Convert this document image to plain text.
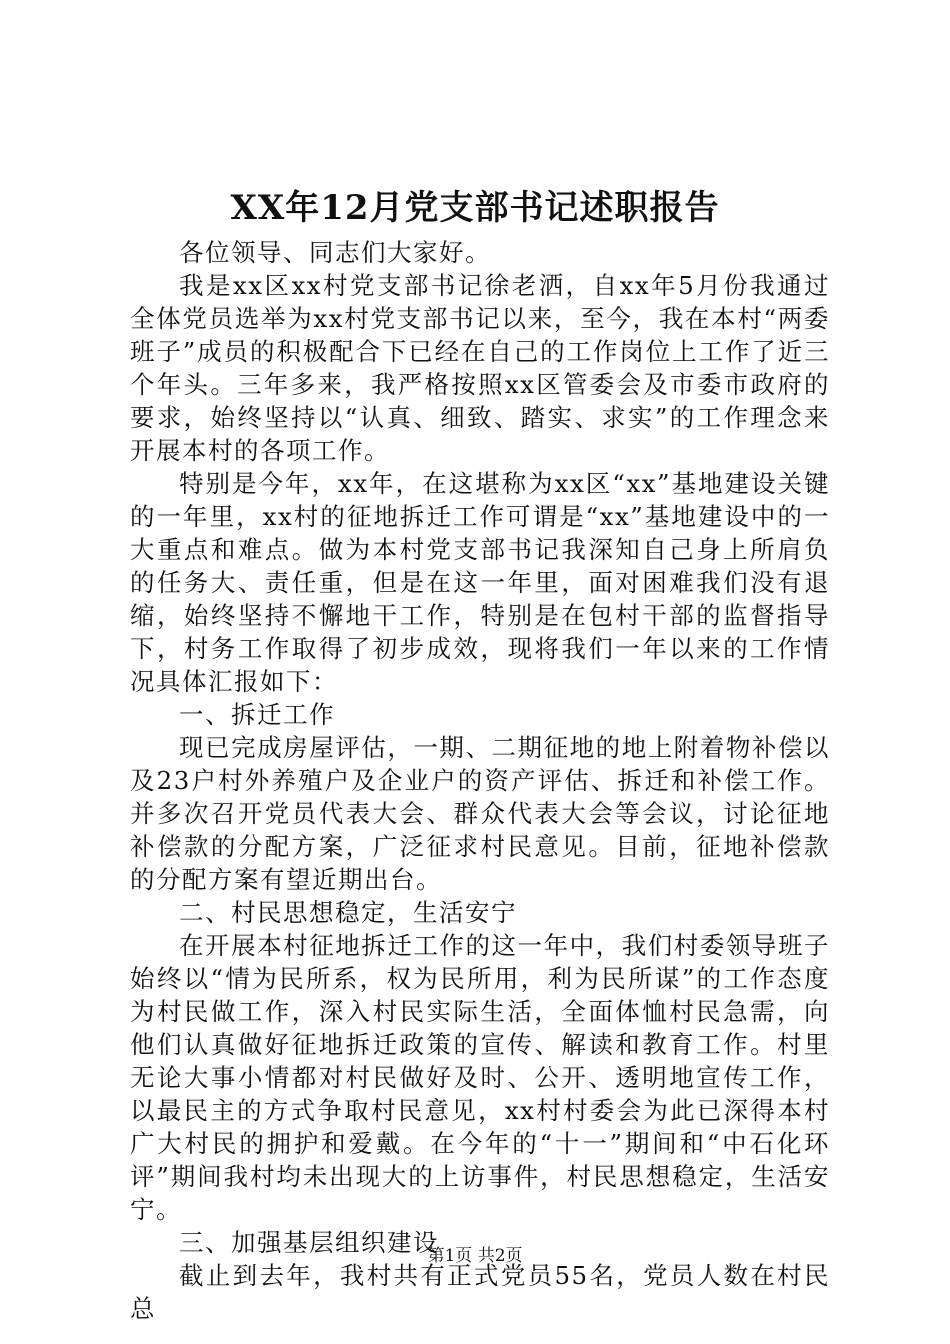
XX年12月党支部书记述职报告

各位领导、同志们大家好。

我是xx区xx村党支部书记徐老洒，自xx年5月份我通过全体党员选举为xx村党支部书记以来，至今，我在本村“两委班子”成员的积极配合下已经在自己的工作岗位上工作了近三个年头。三年多来，我严格按照xx区管委会及市委市政府的要求，始终坚持以“认真、细致、踏实、求实”的工作理念来开展本村的各项工作。

特别是今年，xx年，在这堪称为xx区“xx”基地建设关键的一年里，xx村的征地拆迁工作可谓是“xx”基地建设中的一大重点和难点。做为本村党支部书记我深知自己身上所肩负的任务大、责任重，但是在这一年里，面对困难我们没有退缩，始终坚持不懈地干工作，特别是在包村干部的监督指导下，村务工作取得了初步成效，现将我们一年以来的工作情况具体汇报如下：

一、拆迁工作

现已完成房屋评估，一期、二期征地的地上附着物补偿以及23户村外养殖户及企业户的资产评估、拆迁和补偿工作。并多次召开党员代表大会、群众代表大会等会议，讨论征地补偿款的分配方案，广泛征求村民意见。目前，征地补偿款的分配方案有望近期出台。

二、村民思想稳定，生活安宁

在开展本村征地拆迁工作的这一年中，我们村委领导班子始终以“情为民所系，权为民所用，利为民所谋”的工作态度为村民做工作，深入村民实际生活，全面体恤村民急需，向他们认真做好征地拆迁政策的宣传、解读和教育工作。村里无论大事小情都对村民做好及时、公开、透明地宣传工作，以最民主的方式争取村民意见，xx村村委会为此已深得本村广大村民的拥护和爱戴。在今年的“十一”期间和“中石化环评”期间我村均未出现大的上访事件，村民思想稳定，生活安宁。

三、加强基层组织建设

截止到去年，我村共有正式党员55名，党员人数在村民总

第1页 共2页
